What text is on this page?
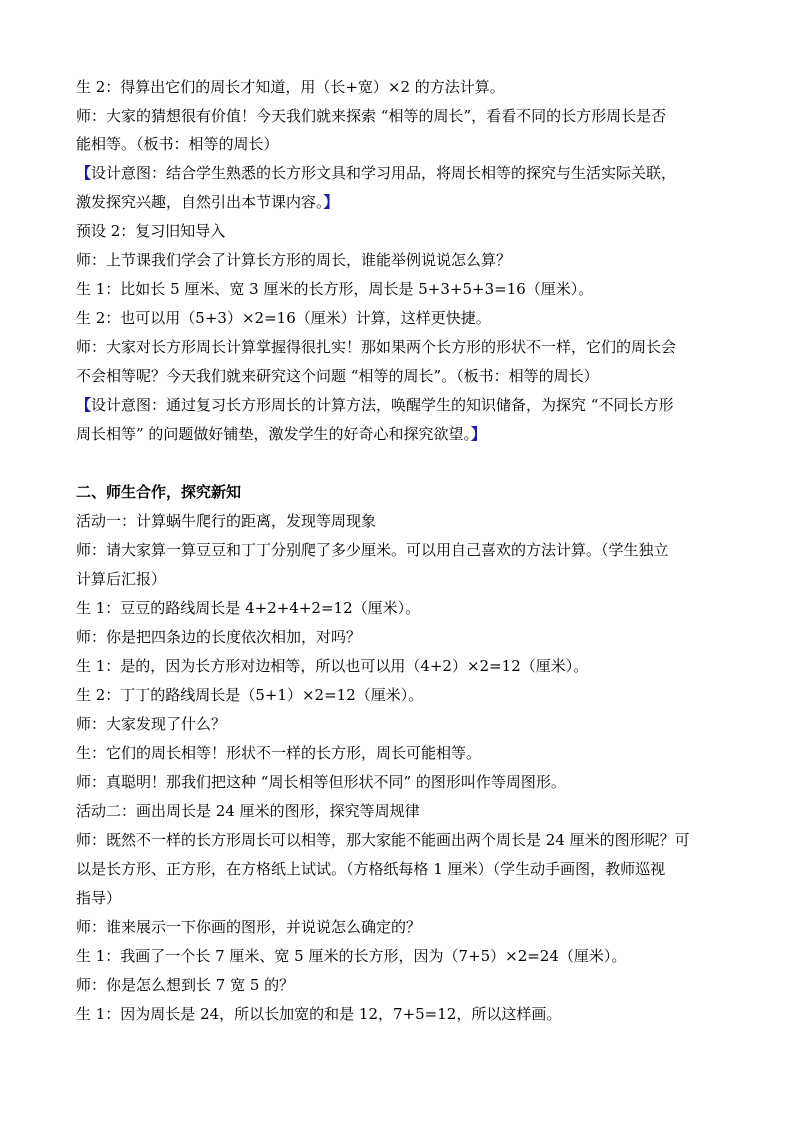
生 2：得算出它们的周长才知道，用（长+宽）×2 的方法计算。
师：大家的猜想很有价值！今天我们就来探索 “相等的周长”，看看不同的长方形周长是否
能相等。（板书：相等的周长）
【设计意图：结合学生熟悉的长方形文具和学习用品，将周长相等的探究与生活实际关联，
激发探究兴趣，自然引出本节课内容。】
预设 2：复习旧知导入
师：上节课我们学会了计算长方形的周长，谁能举例说说怎么算？
生 1：比如长 5 厘米、宽 3 厘米的长方形，周长是 5+3+5+3=16（厘米）。
生 2：也可以用（5+3）×2=16（厘米）计算，这样更快捷。
师：大家对长方形周长计算掌握得很扎实！那如果两个长方形的形状不一样，它们的周长会
不会相等呢？今天我们就来研究这个问题 “相等的周长”。（板书：相等的周长）
【设计意图：通过复习长方形周长的计算方法，唤醒学生的知识储备，为探究 “不同长方形
周长相等” 的问题做好铺垫，激发学生的好奇心和探究欲望。】
二、师生合作，探究新知
活动一：计算蜗牛爬行的距离，发现等周现象
师：请大家算一算豆豆和丁丁分别爬了多少厘米。可以用自己喜欢的方法计算。（学生独立
计算后汇报）
生 1：豆豆的路线周长是 4+2+4+2=12（厘米）。
师：你是把四条边的长度依次相加，对吗？
生 1：是的，因为长方形对边相等，所以也可以用（4+2）×2=12（厘米）。
生 2：丁丁的路线周长是（5+1）×2=12（厘米）。
师：大家发现了什么？
生：它们的周长相等！形状不一样的长方形，周长可能相等。
师：真聪明！那我们把这种 “周长相等但形状不同” 的图形叫作等周图形。
活动二：画出周长是 24 厘米的图形，探究等周规律
师：既然不一样的长方形周长可以相等，那大家能不能画出两个周长是 24 厘米的图形呢？可
以是长方形、正方形，在方格纸上试试。（方格纸每格 1 厘米）（学生动手画图，教师巡视
指导）
师：谁来展示一下你画的图形，并说说怎么确定的？
生 1：我画了一个长 7 厘米、宽 5 厘米的长方形，因为（7+5）×2=24（厘米）。
师：你是怎么想到长 7 宽 5 的？
生 1：因为周长是 24，所以长加宽的和是 12，7+5=12，所以这样画。
